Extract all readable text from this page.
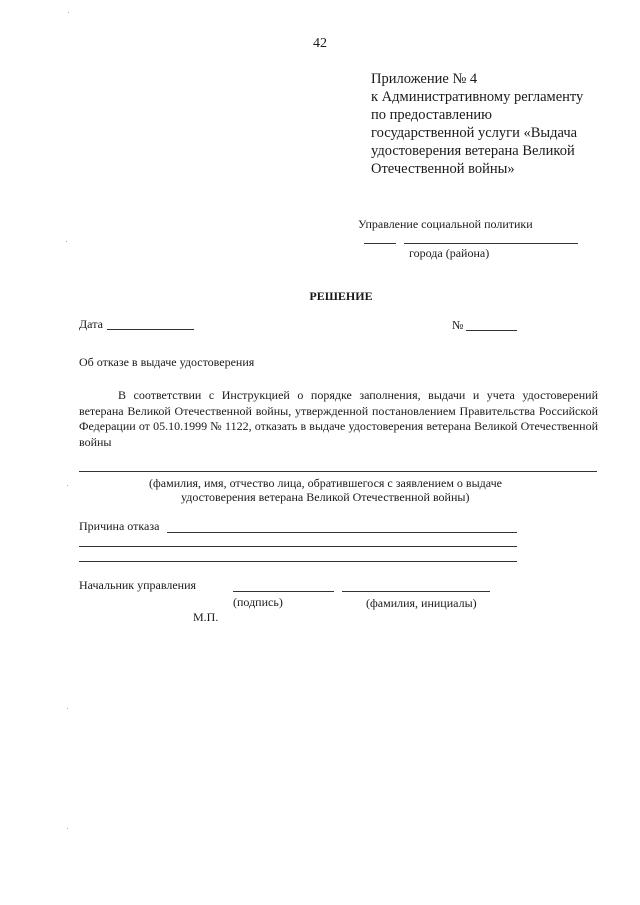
42
Приложение № 4
к Административному регламенту
по предоставлению
государственной услуги «Выдача
удостоверения ветерана Великой
Отечественной войны»
Управление социальной политики
города (района)
РЕШЕНИЕ
Дата	№
Об отказе в выдаче удостоверения
В соответствии с Инструкцией о порядке заполнения, выдачи и учета удостоверений ветерана Великой Отечественной войны, утвержденной постановлением Правительства Российской Федерации от 05.10.1999 № 1122, отказать в выдаче удостоверения ветерана Великой Отечественной войны
(фамилия, имя, отчество лица, обратившегося с заявлением о выдаче
удостоверения ветерана Великой Отечественной войны)
Причина отказа
Начальник управления
(подпись)	(фамилия, инициалы)
М.П.
